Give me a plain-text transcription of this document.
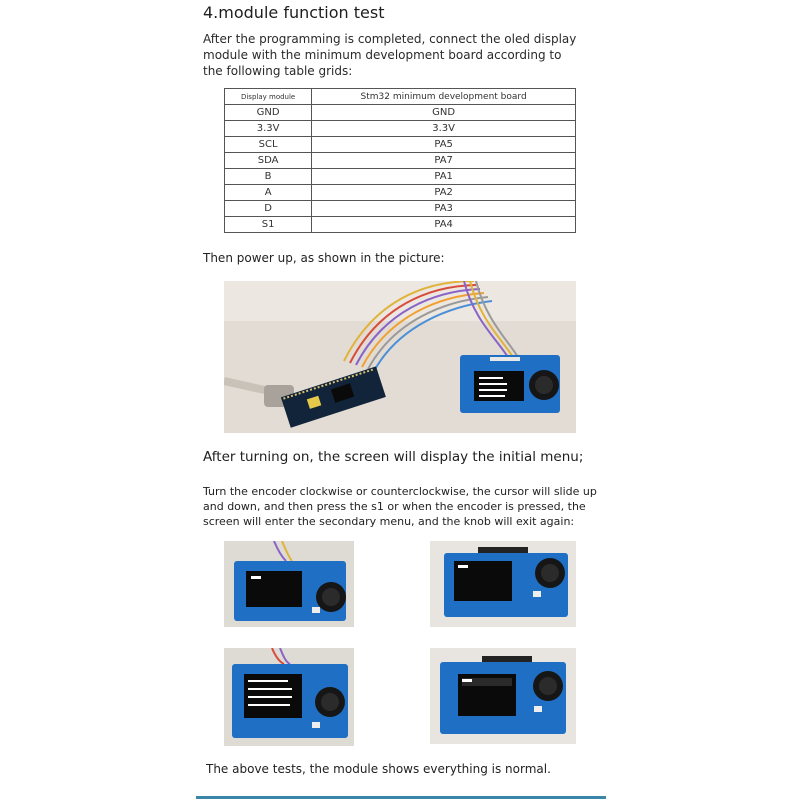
4.module function test
After the programming is completed, connect the oled display module with the minimum development board according to the following table grids:
Display module	Stm32 minimum development board
GND	GND
3.3V	3.3V
SCL	PA5
SDA	PA7
B	PA1
A	PA2
D	PA3
S1	PA4
Then power up, as shown in the picture:
After turning on, the screen will display the initial menu;
Turn the encoder clockwise or counterclockwise, the cursor will slide up and down, and then press the s1 or when the encoder is pressed, the screen will enter the secondary menu, and the knob will exit again:
The above tests, the module shows everything is normal.
